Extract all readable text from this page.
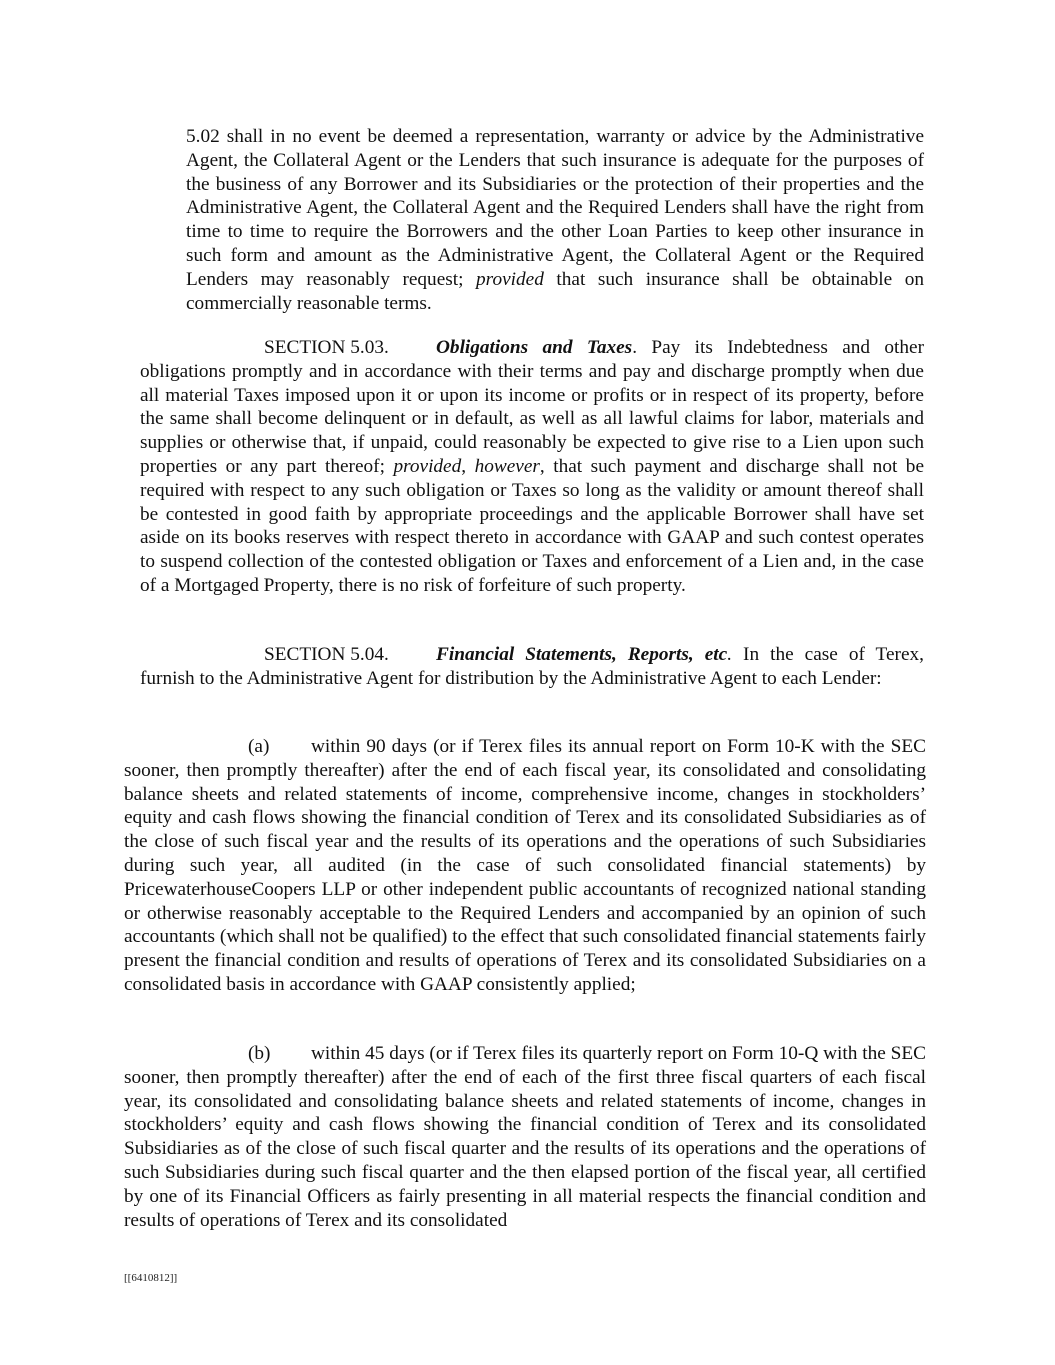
5.02 shall in no event be deemed a representation, warranty or advice by the Administrative Agent, the Collateral Agent or the Lenders that such insurance is adequate for the purposes of the business of any Borrower and its Subsidiaries or the protection of their properties and the Administrative Agent, the Collateral Agent and the Required Lenders shall have the right from time to time to require the Borrowers and the other Loan Parties to keep other insurance in such form and amount as the Administrative Agent, the Collateral Agent or the Required Lenders may reasonably request; provided that such insurance shall be obtainable on commercially reasonable terms.

SECTION 5.03. Obligations and Taxes. Pay its Indebtedness and other obligations promptly and in accordance with their terms and pay and discharge promptly when due all material Taxes imposed upon it or upon its income or profits or in respect of its property, before the same shall become delinquent or in default, as well as all lawful claims for labor, materials and supplies or otherwise that, if unpaid, could reasonably be expected to give rise to a Lien upon such properties or any part thereof; provided, however, that such payment and discharge shall not be required with respect to any such obligation or Taxes so long as the validity or amount thereof shall be contested in good faith by appropriate proceedings and the applicable Borrower shall have set aside on its books reserves with respect thereto in accordance with GAAP and such contest operates to suspend collection of the contested obligation or Taxes and enforcement of a Lien and, in the case of a Mortgaged Property, there is no risk of forfeiture of such property.

SECTION 5.04. Financial Statements, Reports, etc. In the case of Terex, furnish to the Administrative Agent for distribution by the Administrative Agent to each Lender:

(a) within 90 days (or if Terex files its annual report on Form 10-K with the SEC sooner, then promptly thereafter) after the end of each fiscal year, its consolidated and consolidating balance sheets and related statements of income, comprehensive income, changes in stockholders’ equity and cash flows showing the financial condition of Terex and its consolidated Subsidiaries as of the close of such fiscal year and the results of its operations and the operations of such Subsidiaries during such year, all audited (in the case of such consolidated financial statements) by PricewaterhouseCoopers LLP or other independent public accountants of recognized national standing or otherwise reasonably acceptable to the Required Lenders and accompanied by an opinion of such accountants (which shall not be qualified) to the effect that such consolidated financial statements fairly present the financial condition and results of operations of Terex and its consolidated Subsidiaries on a consolidated basis in accordance with GAAP consistently applied;

(b) within 45 days (or if Terex files its quarterly report on Form 10-Q with the SEC sooner, then promptly thereafter) after the end of each of the first three fiscal quarters of each fiscal year, its consolidated and consolidating balance sheets and related statements of income, changes in stockholders’ equity and cash flows showing the financial condition of Terex and its consolidated Subsidiaries as of the close of such fiscal quarter and the results of its operations and the operations of such Subsidiaries during such fiscal quarter and the then elapsed portion of the fiscal year, all certified by one of its Financial Officers as fairly presenting in all material respects the financial condition and results of operations of Terex and its consolidated

[[6410812]]
